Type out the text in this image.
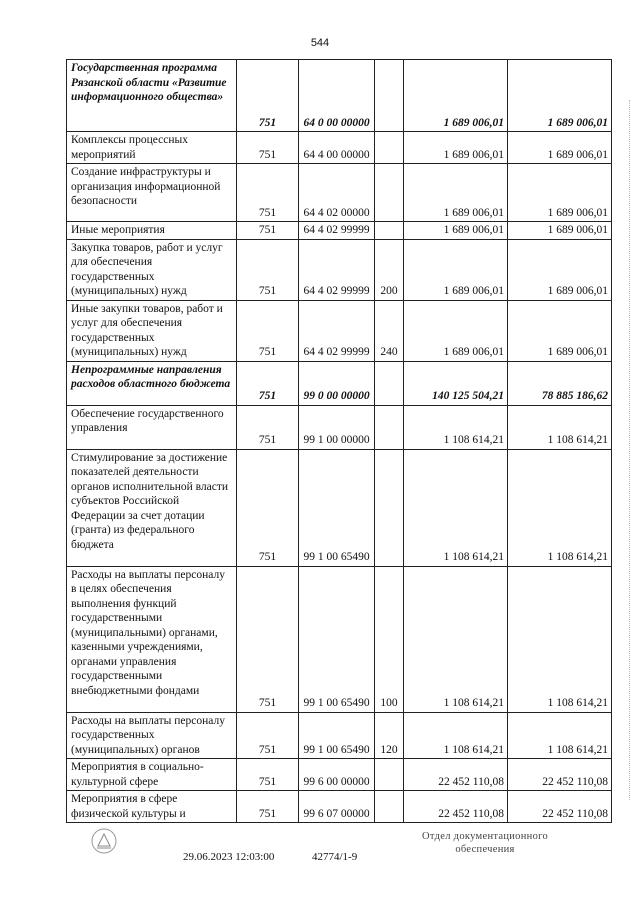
544
Государственная программа Рязанской области «Развитие информационного общества»	751	64 0 00 00000		1 689 006,01	1 689 006,01
Комплексы процессных мероприятий	751	64 4 00 00000		1 689 006,01	1 689 006,01
Создание инфраструктуры и организация информационной безопасности	751	64 4 02 00000		1 689 006,01	1 689 006,01
Иные мероприятия	751	64 4 02 99999		1 689 006,01	1 689 006,01
Закупка товаров, работ и услуг для обеспечения государственных (муниципальных) нужд	751	64 4 02 99999	200	1 689 006,01	1 689 006,01
Иные закупки товаров, работ и услуг для обеспечения государственных (муниципальных) нужд	751	64 4 02 99999	240	1 689 006,01	1 689 006,01
Непрограммные направления расходов областного бюджета	751	99 0 00 00000		140 125 504,21	78 885 186,62
Обеспечение государственного управления	751	99 1 00 00000		1 108 614,21	1 108 614,21
Стимулирование за достижение показателей деятельности органов исполнительной власти субъектов Российской Федерации за счет дотации (гранта) из федерального бюджета	751	99 1 00 65490		1 108 614,21	1 108 614,21
Расходы на выплаты персоналу в целях обеспечения выполнения функций государственными (муниципальными) органами, казенными учреждениями, органами управления государственными внебюджетными фондами	751	99 1 00 65490	100	1 108 614,21	1 108 614,21
Расходы на выплаты персоналу государственных (муниципальных) органов	751	99 1 00 65490	120	1 108 614,21	1 108 614,21
Мероприятия в социально-культурной сфере	751	99 6 00 00000		22 452 110,08	22 452 110,08
Мероприятия в сфере физической культуры и	751	99 6 07 00000		22 452 110,08	22 452 110,08
29.06.2023 12:03:00	42774/1-9
Отдел документационного
обеспечения
